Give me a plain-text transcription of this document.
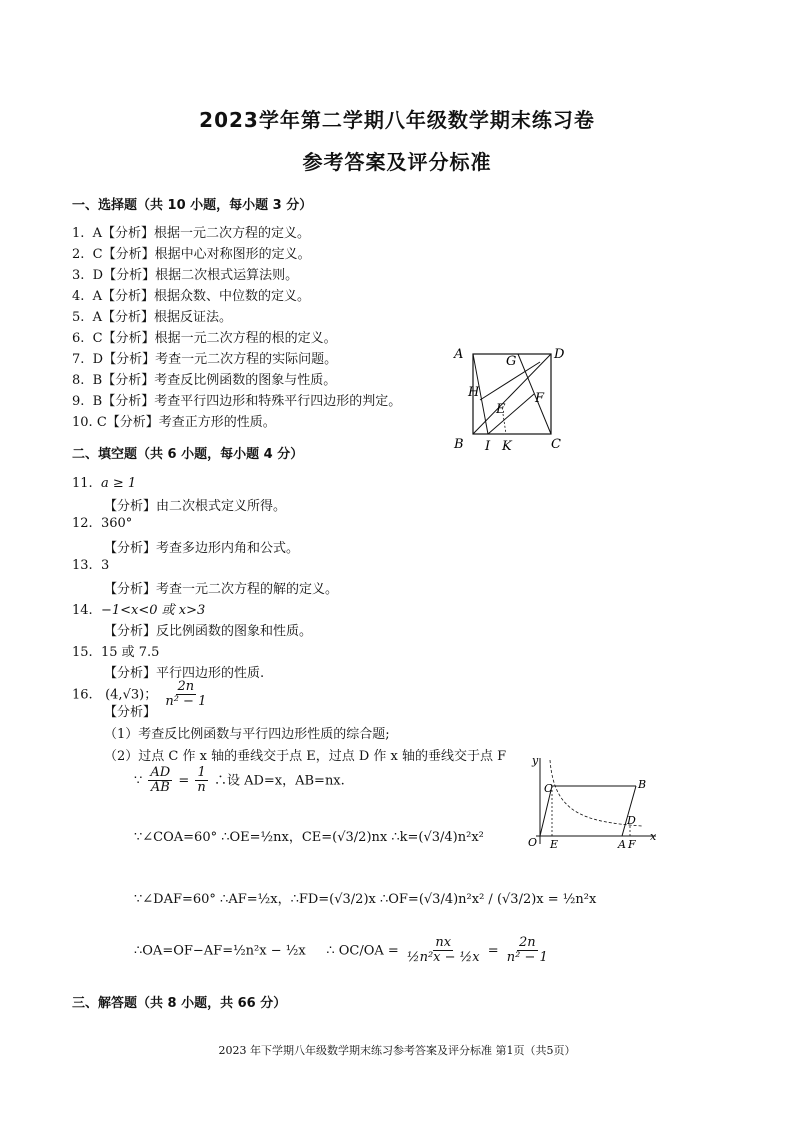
2023学年第二学期八年级数学期末练习卷
参考答案及评分标准
一、选择题（共 10 小题，每小题 3 分）
1. A【分析】根据一元二次方程的定义。
2. C【分析】根据中心对称图形的定义。
3. D【分析】根据二次根式运算法则。
4. A【分析】根据众数、中位数的定义。
5. A【分析】根据反证法。
6. C【分析】根据一元二次方程的根的定义。
7. D【分析】考查一元二次方程的实际问题。
8. B【分析】考查反比例函数的图象与性质。
9. B【分析】考查平行四边形和特殊平行四边形的判定。
10. C【分析】考查正方形的性质。
A	D
G
H
E
F
B I K	C
二、填空题（共 6 小题，每小题 4 分）
11. a ≥ 1
【分析】由二次根式定义所得。
12. 360°
【分析】考查多边形内角和公式。
13. 3
【分析】考查一元二次方程的解的定义。
14. −1<x<0 或 x>3
【分析】反比例函数的图象和性质。
15. 15 或 7.5
【分析】平行四边形的性质.
16. (4,√3)； $\frac{2n}{\text{n² − 1}}$
【分析】
（1）考查反比例函数与平行四边形性质的综合题;
（2）过点 C 作 x 轴的垂线交于点 E，过点 D 作 x 轴的垂线交于点 F
∵ $\frac{AD}{AB} = \frac{1}{n}$ ∴设 AD=x，AB=nx.
∵∠COA=60° ∴OE=½nx，CE=(√3/2)nx ∴k=(√3/4)n²x²
∵∠DAF=60° ∴AF=½x，∴FD=(√3/2)x ∴OF=(√3/4)n²x² / (√3/2)x = ½n²x
∴OA=OF−AF=½n²x − ½x ∴ $OC/OA = \frac{nx}{\text{½n²x − ½x}} = \frac{2n}{\text{n² − 1}}$
y
x
O
C	B
D
E	A F
三、解答题（共 8 小题，共 66 分）
2023 年下学期八年级数学期末练习参考答案及评分标准 第1页（共5页）
